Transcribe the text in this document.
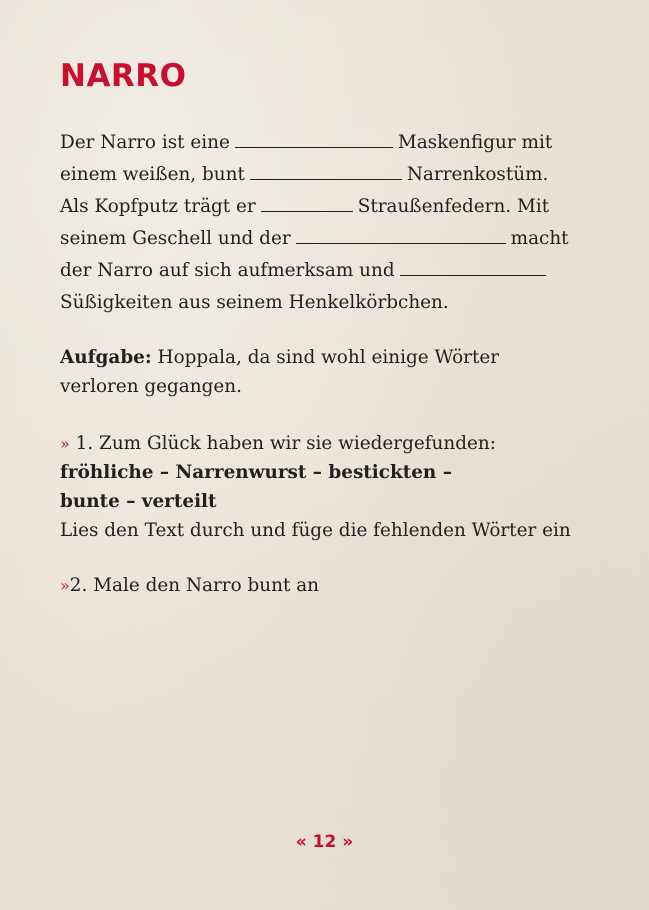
NARRO
Der Narro ist eine	Maskenfigur mit
einem weißen, bunt	Narrenkostüm.
Als Kopfputz trägt er	Straußenfedern. Mit
seinem Geschell und der	macht
der Narro auf sich aufmerksam und
Süßigkeiten aus seinem Henkelkörbchen.
Aufgabe: Hoppala, da sind wohl einige Wörter
verloren gegangen.
» 1. Zum Glück haben wir sie wiedergefunden:
fröhliche – Narrenwurst – bestickten –
bunte – verteilt
Lies den Text durch und füge die fehlenden Wörter ein
»2. Male den Narro bunt an
« 12 »
